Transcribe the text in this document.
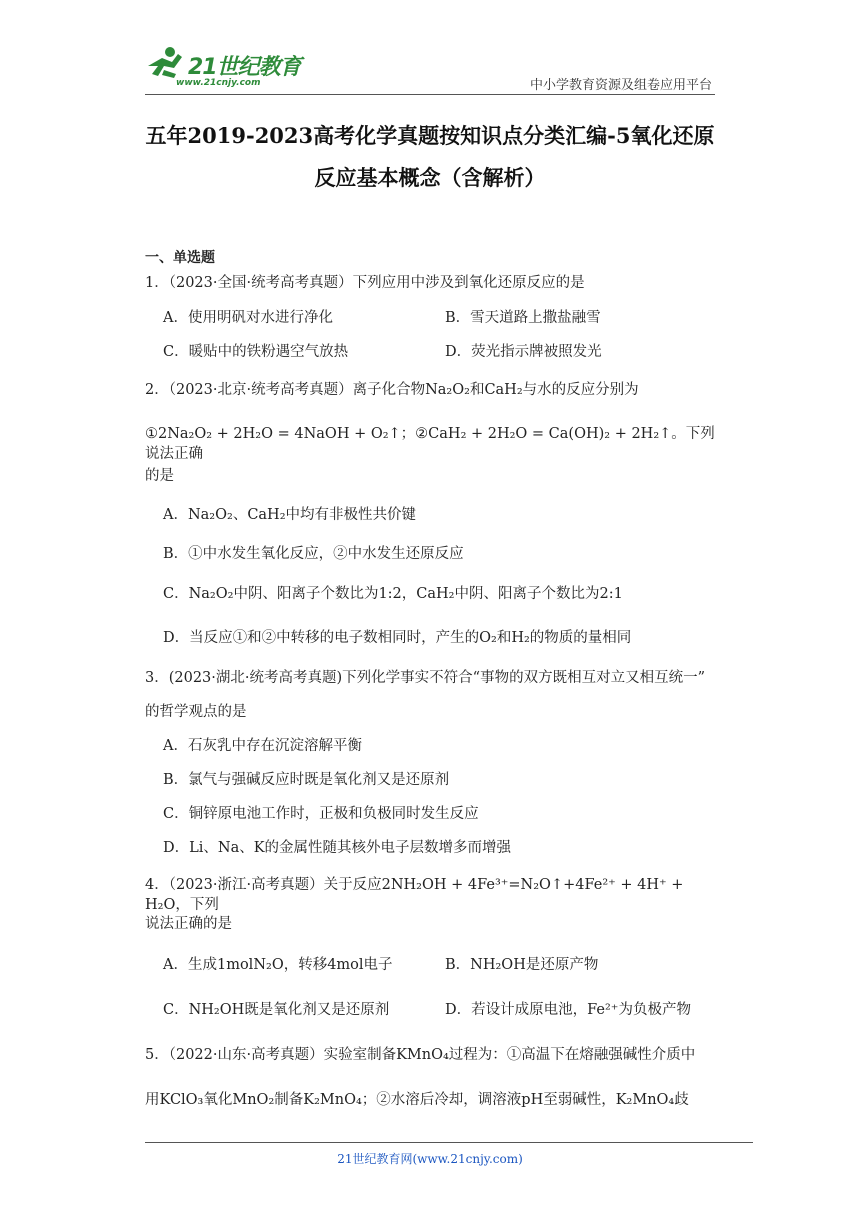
21世纪教育
www.21cnjy.com	中小学教育资源及组卷应用平台
五年2019-2023高考化学真题按知识点分类汇编-5氧化还原
反应基本概念（含解析）
一、单选题
1．（2023·全国·统考高考真题）下列应用中涉及到氧化还原反应的是
A．使用明矾对水进行净化	B．雪天道路上撒盐融雪
C．暖贴中的铁粉遇空气放热	D．荧光指示牌被照发光
2．（2023·北京·统考高考真题）离子化合物Na₂O₂和CaH₂与水的反应分别为
①2Na₂O₂ + 2H₂O = 4NaOH + O₂↑；②CaH₂ + 2H₂O = Ca(OH)₂ + 2H₂↑。下列说法正确
的是
A．Na₂O₂、CaH₂中均有非极性共价键
B．①中水发生氧化反应，②中水发生还原反应
C．Na₂O₂中阴、阳离子个数比为1:2，CaH₂中阴、阳离子个数比为2:1
D．当反应①和②中转移的电子数相同时，产生的O₂和H₂的物质的量相同
3．(2023·湖北·统考高考真题)下列化学事实不符合“事物的双方既相互对立又相互统一”
的哲学观点的是
A．石灰乳中存在沉淀溶解平衡
B．氯气与强碱反应时既是氧化剂又是还原剂
C．铜锌原电池工作时，正极和负极同时发生反应
D．Li、Na、K的金属性随其核外电子层数增多而增强
4．（2023·浙江·高考真题）关于反应2NH₂OH + 4Fe³⁺=N₂O↑+4Fe²⁺ + 4H⁺ + H₂O，下列
说法正确的是
A．生成1molN₂O，转移4mol电子	B．NH₂OH是还原产物
C．NH₂OH既是氧化剂又是还原剂	D．若设计成原电池，Fe²⁺为负极产物
5．（2022·山东·高考真题）实验室制备KMnO₄过程为：①高温下在熔融强碱性介质中
用KClO₃氧化MnO₂制备K₂MnO₄；②水溶后冷却，调溶液pH至弱碱性，K₂MnO₄歧
21世纪教育网(www.21cnjy.com)
